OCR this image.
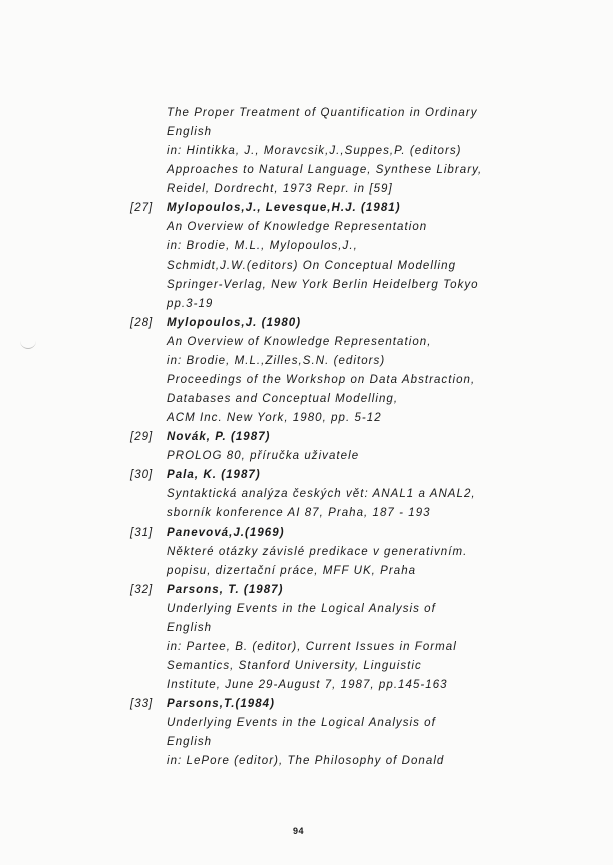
The Proper Treatment of Quantification in Ordinary
English
in: Hintikka, J., Moravcsik,J.,Suppes,P. (editors)
Approaches to Natural Language, Synthese Library,
Reidel, Dordrecht, 1973 Repr. in [59]
[27] Mylopoulos,J., Levesque,H.J. (1981)
An Overview of Knowledge Representation
in: Brodie, M.L., Mylopoulos,J.,
Schmidt,J.W.(editors) On Conceptual Modelling
Springer-Verlag, New York Berlin Heidelberg Tokyo
pp.3-19
[28] Mylopoulos,J. (1980)
An Overview of Knowledge Representation,
in: Brodie, M.L.,Zilles,S.N. (editors)
Proceedings of the Workshop on Data Abstraction,
Databases and Conceptual Modelling,
ACM Inc. New York, 1980, pp. 5-12
[29] Novák, P. (1987)
PROLOG 80, příručka uživatele
[30] Pala, K. (1987)
Syntaktická analýza českých vět: ANAL1 a ANAL2,
sborník konference AI 87, Praha, 187 - 193
[31] Panevová,J.(1969)
Některé otázky závislé predikace v generativním.
popisu, dizertační práce, MFF UK, Praha
[32] Parsons, T. (1987)
Underlying Events in the Logical Analysis of
English
in: Partee, B. (editor), Current Issues in Formal
Semantics, Stanford University, Linguistic
Institute, June 29-August 7, 1987, pp.145-163
[33] Parsons,T.(1984)
Underlying Events in the Logical Analysis of
English
in: LePore (editor), The Philosophy of Donald
94
